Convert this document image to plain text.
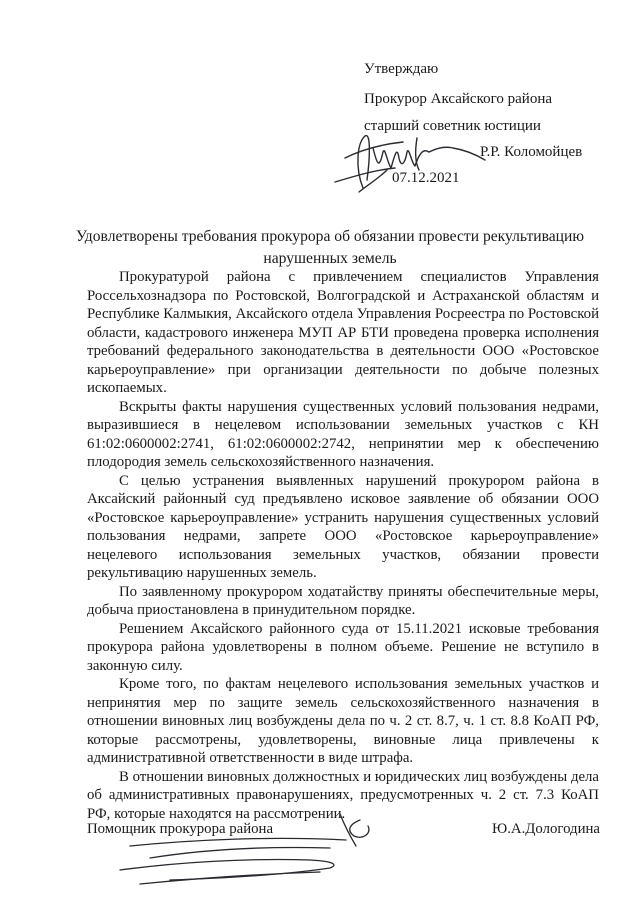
Утверждаю
Прокурор Аксайского района
старший советник юстиции
Р.Р. Коломойцев
07.12.2021
Удовлетворены требования прокурора об обязании провести рекультивацию нарушенных земель

Прокуратурой района с привлечением специалистов Управления Россельхознадзора по Ростовской, Волгоградской и Астраханской областям и Республике Калмыкия, Аксайского отдела Управления Росреестра по Ростовской области, кадастрового инженера МУП АР БТИ проведена проверка исполнения требований федерального законодательства в деятельности ООО «Ростовское карьероуправление» при организации деятельности по добыче полезных ископаемых.

Вскрыты факты нарушения существенных условий пользования недрами, выразившиеся в нецелевом использовании земельных участков с КН 61:02:0600002:2741, 61:02:0600002:2742, непринятии мер к обеспечению плодородия земель сельскохозяйственного назначения.

С целью устранения выявленных нарушений прокурором района в Аксайский районный суд предъявлено исковое заявление об обязании ООО «Ростовское карьероуправление» устранить нарушения существенных условий пользования недрами, запрете ООО «Ростовское карьероуправление» нецелевого использования земельных участков, обязании провести рекультивацию нарушенных земель.

По заявленному прокурором ходатайству приняты обеспечительные меры, добыча приостановлена в принудительном порядке.

Решением Аксайского районного суда от 15.11.2021 исковые требования прокурора района удовлетворены в полном объеме. Решение не вступило в законную силу.

Кроме того, по фактам нецелевого использования земельных участков и непринятия мер по защите земель сельскохозяйственного назначения в отношении виновных лиц возбуждены дела по ч. 2 ст. 8.7, ч. 1 ст. 8.8 КоАП РФ, которые рассмотрены, удовлетворены, виновные лица привлечены к административной ответственности в виде штрафа.

В отношении виновных должностных и юридических лиц возбуждены дела об административных правонарушениях, предусмотренных ч. 2 ст. 7.3 КоАП РФ, которые находятся на рассмотрении.

Помощник прокурора района	Ю.А.Дологодина
